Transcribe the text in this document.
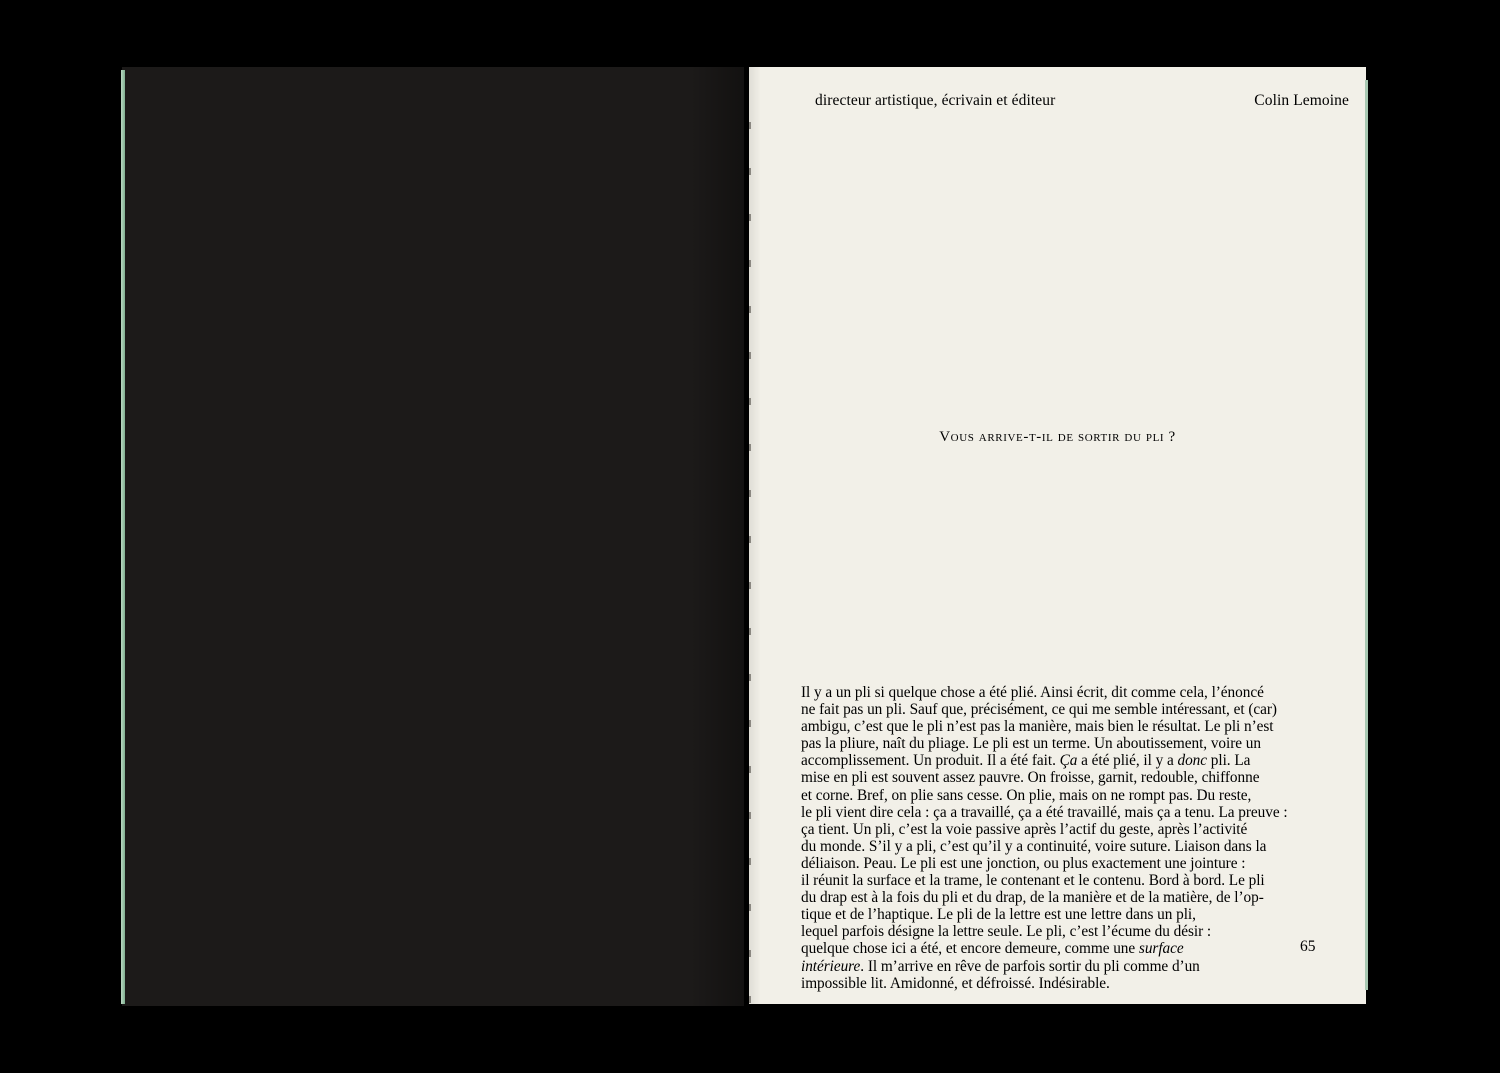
directeur artistique, écrivain et éditeur	Colin Lemoine
Vous arrive-t-il de sortir du pli ?
Il y a un pli si quelque chose a été plié. Ainsi écrit, dit comme cela, l’énoncé
ne fait pas un pli. Sauf que, précisément, ce qui me semble intéressant, et (car)
ambigu, c’est que le pli n’est pas la manière, mais bien le résultat. Le pli n’est
pas la pliure, naît du pliage. Le pli est un terme. Un aboutissement, voire un
accomplissement. Un produit. Il a été fait. Ça a été plié, il y a donc pli. La
mise en pli est souvent assez pauvre. On froisse, garnit, redouble, chiffonne
et corne. Bref, on plie sans cesse. On plie, mais on ne rompt pas. Du reste,
le pli vient dire cela : ça a travaillé, ça a été travaillé, mais ça a tenu. La preuve :
ça tient. Un pli, c’est la voie passive après l’actif du geste, après l’activité
du monde. S’il y a pli, c’est qu’il y a continuité, voire suture. Liaison dans la
déliaison. Peau. Le pli est une jonction, ou plus exactement une jointure :
il réunit la surface et la trame, le contenant et le contenu. Bord à bord. Le pli
du drap est à la fois du pli et du drap, de la manière et de la matière, de l’op-
tique et de l’haptique. Le pli de la lettre est une lettre dans un pli,
lequel parfois désigne la lettre seule. Le pli, c’est l’écume du désir :
quelque chose ici a été, et encore demeure, comme une surface
intérieure. Il m’arrive en rêve de parfois sortir du pli comme d’un
impossible lit. Amidonné, et défroissé. Indésirable.
65
